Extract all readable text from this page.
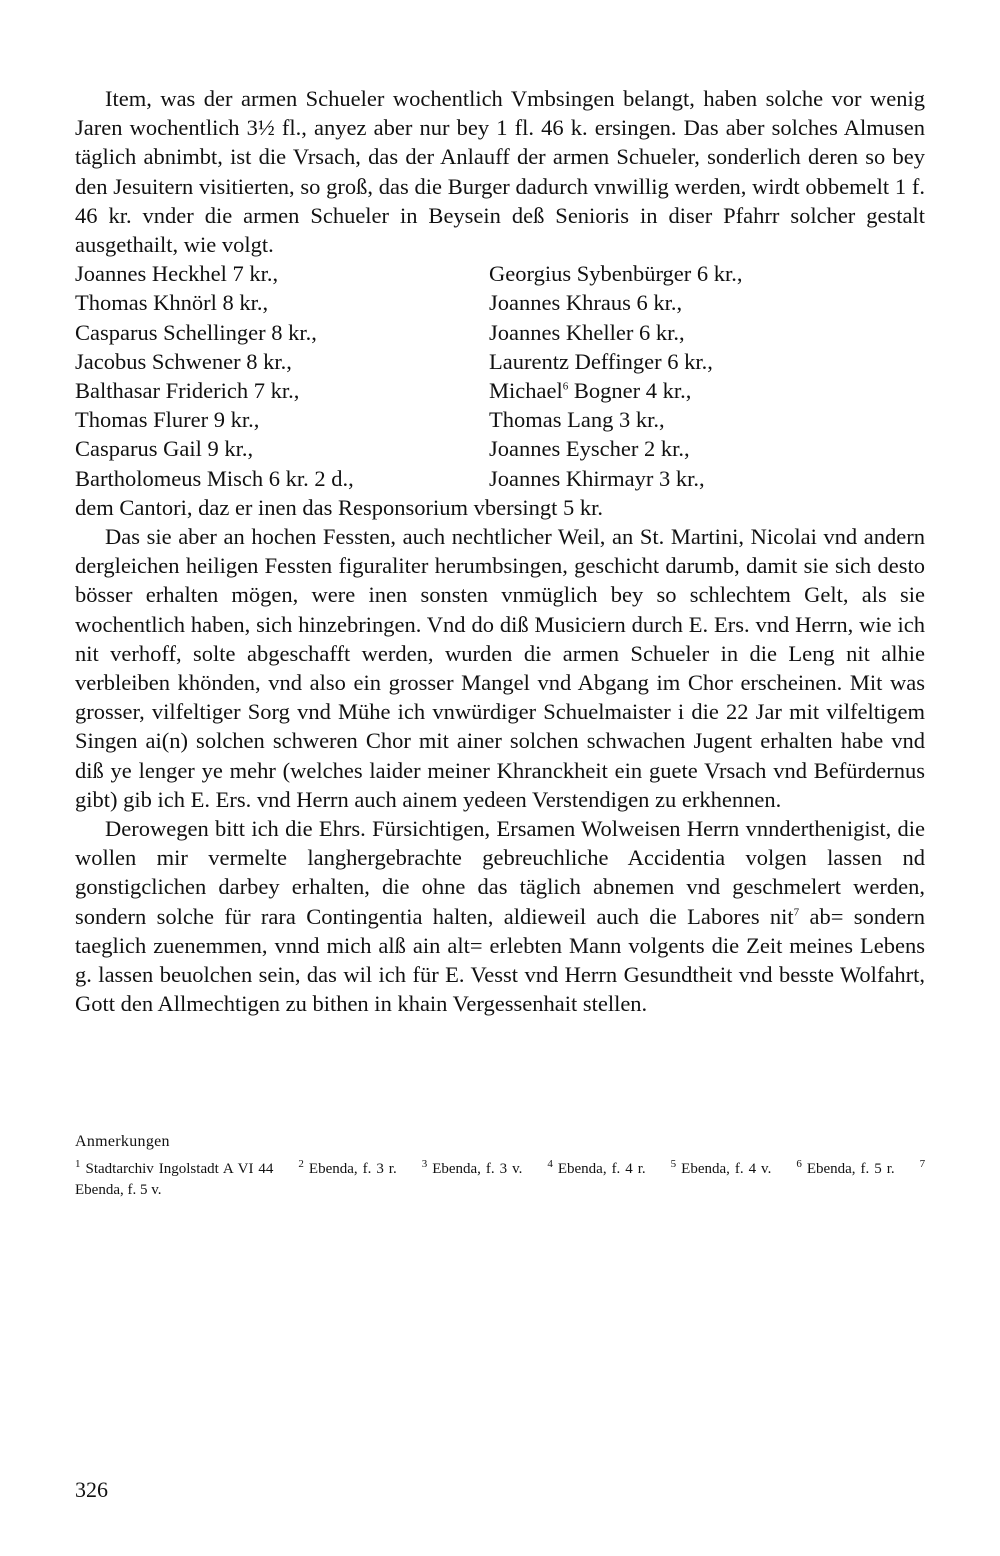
Item, was der armen Schueler wochentlich Vmbsingen belangt, haben solche vor wenig Jaren wochentlich 3½ fl., anyez aber nur bey 1 fl. 46 k. ersingen. Das aber solches Almusen täglich abnimbt, ist die Vrsach, das der Anlauff der armen Schueler, sonderlich deren so bey den Jesuitern visitierten, so groß, das die Burger dadurch vnwillig werden, wirdt obbemelt 1 f. 46 kr. vnder die armen Schueler in Beysein deß Senioris in diser Pfahrr solcher gestalt ausgethailt, wie volgt.

Joannes Heckhel 7 kr.,	Georgius Sybenbürger 6 kr.,
Thomas Khnörl 8 kr.,	Joannes Khraus 6 kr.,
Casparus Schellinger 8 kr.,	Joannes Kheller 6 kr.,
Jacobus Schwener 8 kr.,	Laurentz Deffinger 6 kr.,
Balthasar Friderich 7 kr.,	Michael$^6$ Bogner 4 kr.,
Thomas Flurer 9 kr.,	Thomas Lang 3 kr.,
Casparus Gail 9 kr.,	Joannes Eyscher 2 kr.,
Bartholomeus Misch 6 kr. 2 d.,	Joannes Khirmayr 3 kr.,

dem Cantori, daz er inen das Responsorium vbersingt 5 kr.

Das sie aber an hochen Fessten, auch nechtlicher Weil, an St. Martini, Nicolai vnd andern dergleichen heiligen Fessten figuraliter herumbsingen, geschicht darumb, damit sie sich desto bösser erhalten mögen, were inen sonsten vnmüglich bey so schlechtem Gelt, als sie wochentlich haben, sich hinzebringen. Vnd do diß Musiciern durch E. Ers. vnd Herrn, wie ich nit verhoff, solte abgeschafft werden, wurden die armen Schueler in die Leng nit alhie verbleiben khönden, vnd also ein grosser Mangel vnd Abgang im Chor erscheinen. Mit was grosser, vilfeltiger Sorg vnd Mühe ich vnwürdiger Schuelmaister i die 22 Jar mit vilfeltigem Singen ai(n) solchen schweren Chor mit ainer solchen schwachen Jugent erhalten habe vnd diß ye lenger ye mehr (welches laider meiner Khranckheit ein guete Vrsach vnd Befürdernus gibt) gib ich E. Ers. vnd Herrn auch ainem yedeen Verstendigen zu erkhennen.

Derowegen bitt ich die Ehrs. Fürsichtigen, Ersamen Wolweisen Herrn vnnderthenigist, die wollen mir vermelte langhergebrachte gebreuchliche Accidentia volgen lassen nd gonstigclichen darbey erhalten, die ohne das täglich abnemen vnd geschmelert werden, sondern solche für rara Contingentia halten, aldieweil auch die Labores nit$^7$ ab= sondern taeglich zuenemmen, vnnd mich alß ain alt= erlebten Mann volgents die Zeit meines Lebens g. lassen beuolchen sein, das wil ich für E. Vesst vnd Herrn Gesundtheit vnd besste Wolfahrt, Gott den Allmechtigen zu bithen in khain Vergessenhait stellen.

Anmerkungen

$^1$ Stadtarchiv Ingolstadt A VI 44 $^2$ Ebenda, f. 3 r. $^3$ Ebenda, f. 3 v. $^4$ Ebenda, f. 4 r. $^5$ Ebenda, f. 4 v. $^6$ Ebenda, f. 5 r. $^7$ Ebenda, f. 5 v.

326
